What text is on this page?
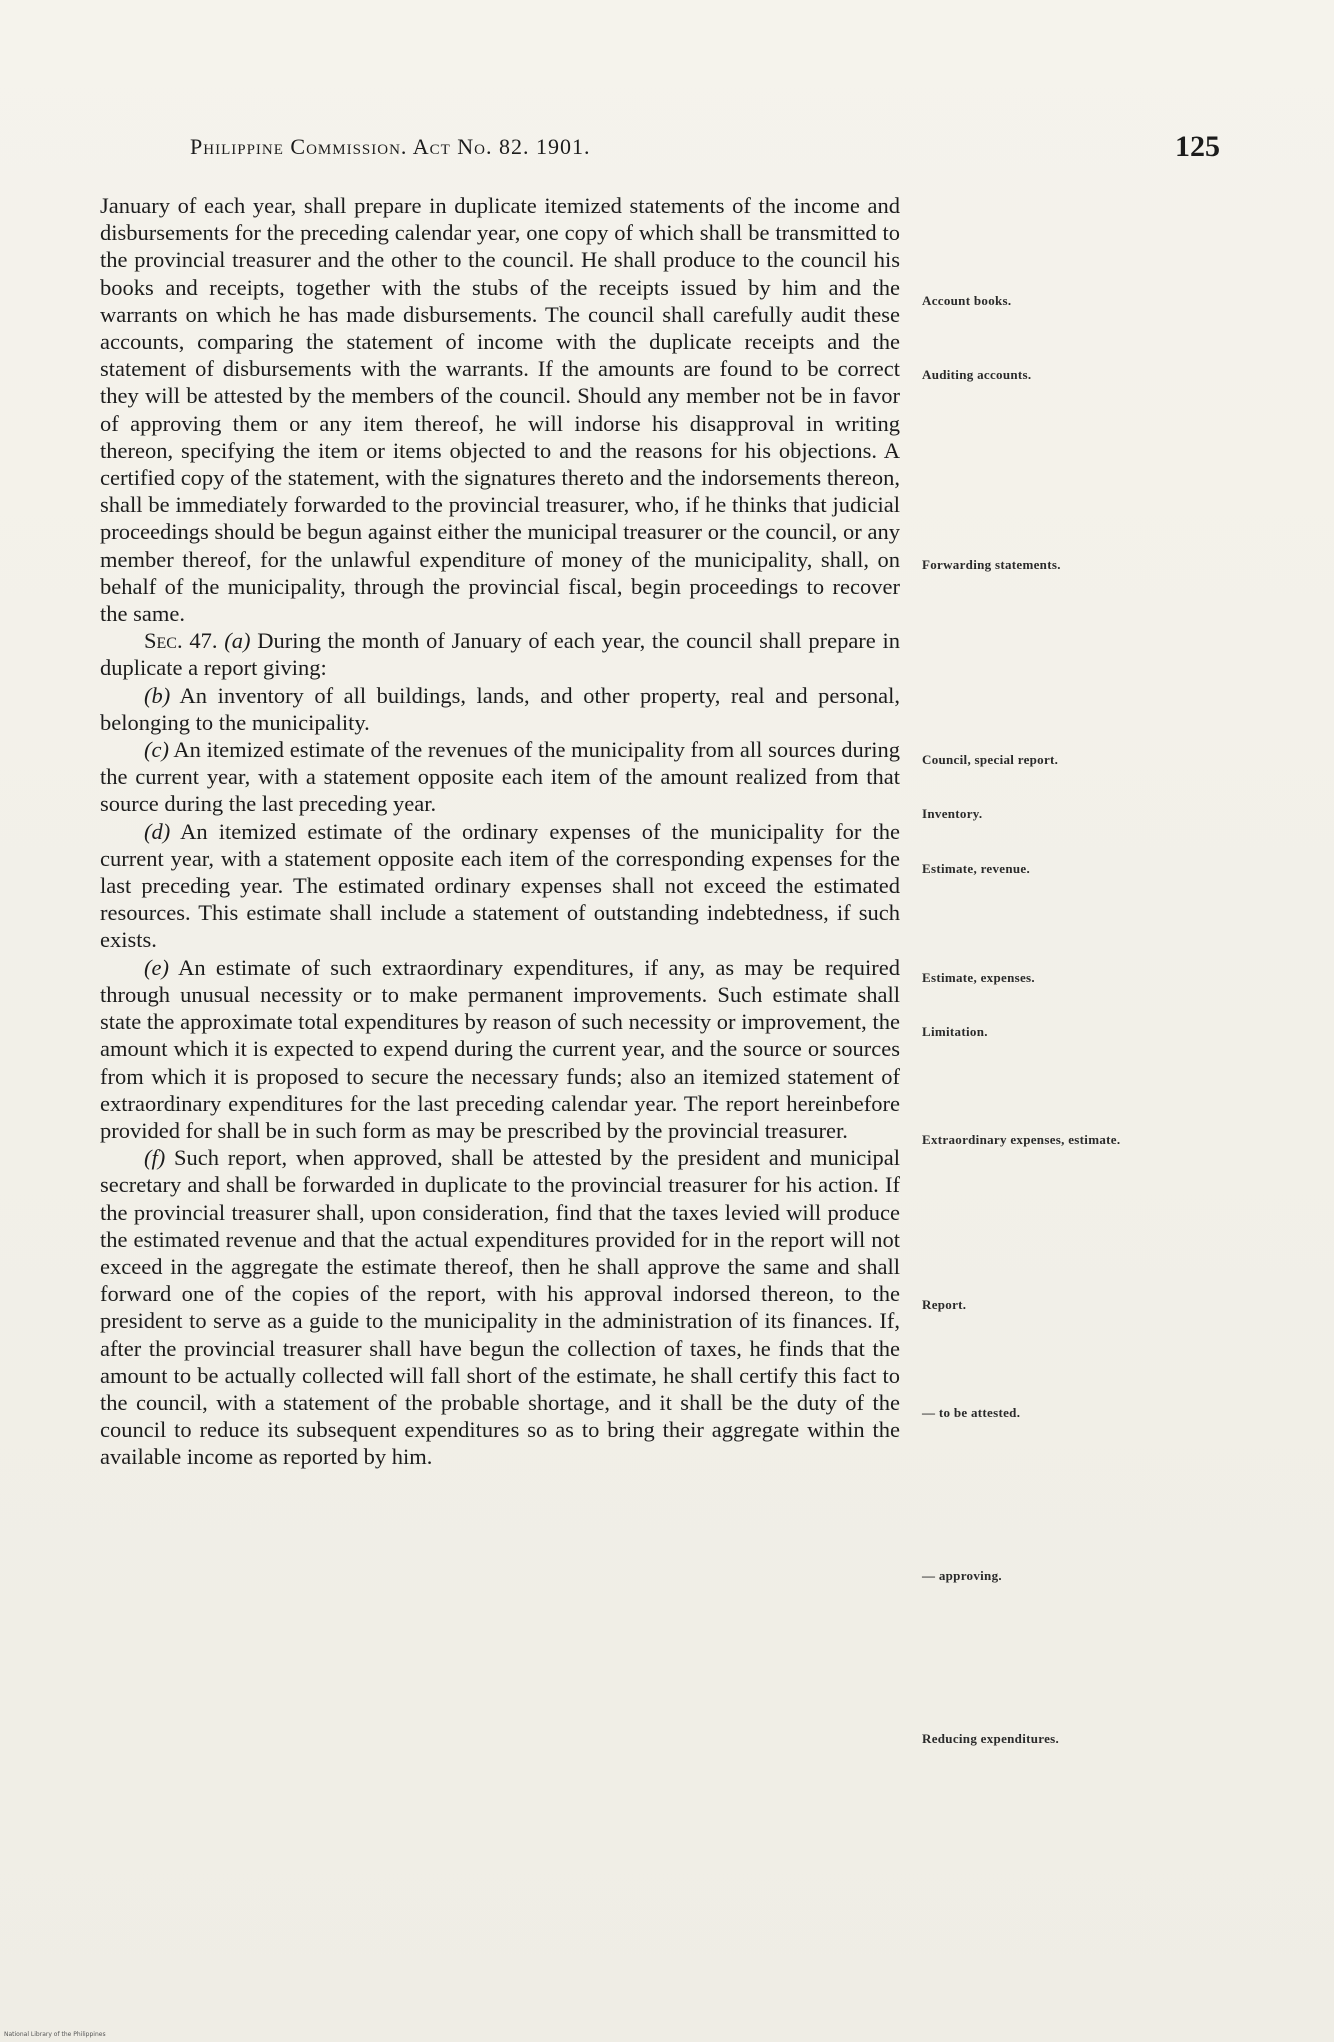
Philippine Commission. Act No. 82. 1901.	125

January of each year, shall prepare in duplicate itemized statements of the income and disbursements for the preceding calendar year, one copy of which shall be transmitted to the provincial treasurer and the other to the council. He shall produce to the council his books and receipts, together with the stubs of the receipts issued by him and the warrants on which he has made disbursements. The council shall carefully audit these accounts, comparing the statement of income with the duplicate receipts and the statement of disbursements with the warrants. If the amounts are found to be correct they will be attested by the members of the council. Should any member not be in favor of approving them or any item thereof, he will indorse his disapproval in writing thereon, specifying the item or items objected to and the reasons for his objections. A certified copy of the statement, with the signatures thereto and the indorsements thereon, shall be immediately forwarded to the provincial treasurer, who, if he thinks that judicial proceedings should be begun against either the municipal treasurer or the council, or any member thereof, for the unlawful expenditure of money of the municipality, shall, on behalf of the municipality, through the provincial fiscal, begin proceedings to recover the same.

Sec. 47. (a) During the month of January of each year, the council shall prepare in duplicate a report giving:

(b) An inventory of all buildings, lands, and other property, real and personal, belonging to the municipality.

(c) An itemized estimate of the revenues of the municipality from all sources during the current year, with a statement opposite each item of the amount realized from that source during the last preceding year.

(d) An itemized estimate of the ordinary expenses of the municipality for the current year, with a statement opposite each item of the corresponding expenses for the last preceding year. The estimated ordinary expenses shall not exceed the estimated resources. This estimate shall include a statement of outstanding indebtedness, if such exists.

(e) An estimate of such extraordinary expenditures, if any, as may be required through unusual necessity or to make permanent improvements. Such estimate shall state the approximate total expenditures by reason of such necessity or improvement, the amount which it is expected to expend during the current year, and the source or sources from which it is proposed to secure the necessary funds; also an itemized statement of extraordinary expenditures for the last preceding calendar year. The report hereinbefore provided for shall be in such form as may be prescribed by the provincial treasurer.

(f) Such report, when approved, shall be attested by the president and municipal secretary and shall be forwarded in duplicate to the provincial treasurer for his action. If the provincial treasurer shall, upon consideration, find that the taxes levied will produce the estimated revenue and that the actual expenditures provided for in the report will not exceed in the aggregate the estimate thereof, then he shall approve the same and shall forward one of the copies of the report, with his approval indorsed thereon, to the president to serve as a guide to the municipality in the administration of its finances. If, after the provincial treasurer shall have begun the collection of taxes, he finds that the amount to be actually collected will fall short of the estimate, he shall certify this fact to the council, with a statement of the probable shortage, and it shall be the duty of the council to reduce its subsequent expenditures so as to bring their aggregate within the available income as reported by him.

Account books.
Auditing accounts.
Forwarding statements.
Council, special report.
Inventory.
Estimate, revenue.
Estimate, expenses.
Limitation.
Extraordinary expenses, estimate.
Report.
— to be attested.
— approving.
Reducing expenditures.
National Library of the Philippines
